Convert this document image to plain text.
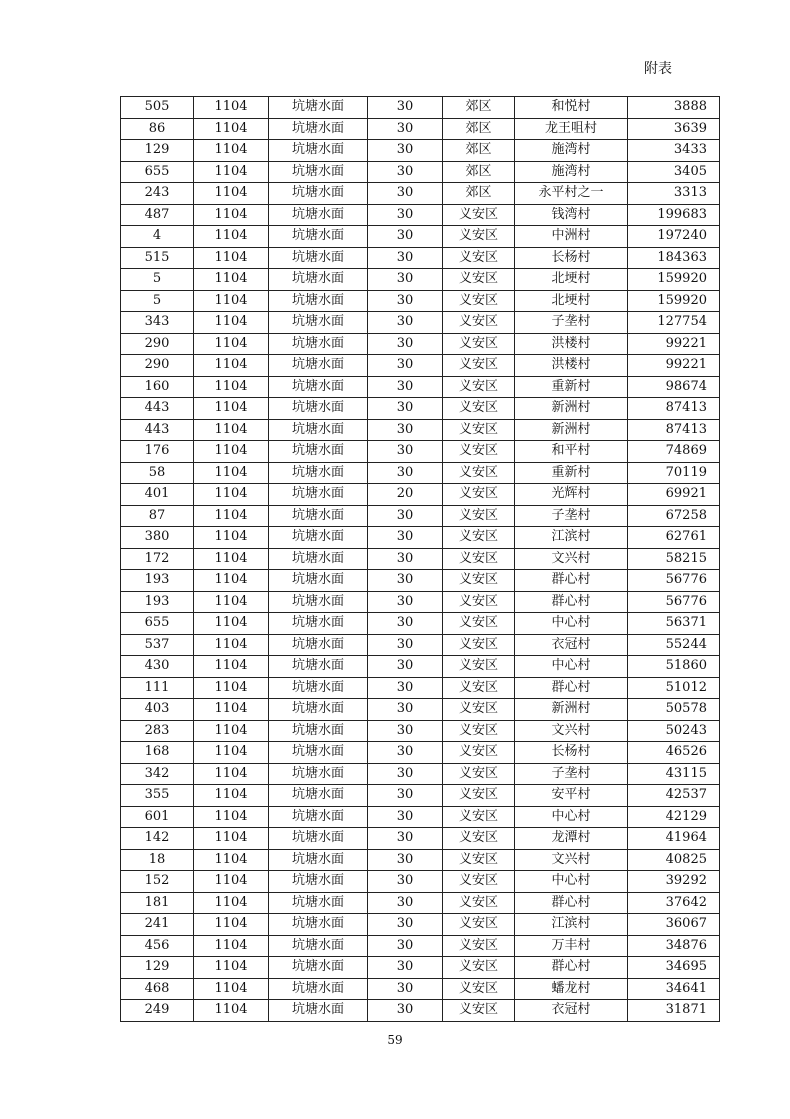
附表
505	1104	坑塘水面	30	郊区	和悦村	3888
86	1104	坑塘水面	30	郊区	龙王咀村	3639
129	1104	坑塘水面	30	郊区	施湾村	3433
655	1104	坑塘水面	30	郊区	施湾村	3405
243	1104	坑塘水面	30	郊区	永平村之一	3313
487	1104	坑塘水面	30	义安区	钱湾村	199683
4	1104	坑塘水面	30	义安区	中洲村	197240
515	1104	坑塘水面	30	义安区	长杨村	184363
5	1104	坑塘水面	30	义安区	北埂村	159920
5	1104	坑塘水面	30	义安区	北埂村	159920
343	1104	坑塘水面	30	义安区	子垄村	127754
290	1104	坑塘水面	30	义安区	洪楼村	99221
290	1104	坑塘水面	30	义安区	洪楼村	99221
160	1104	坑塘水面	30	义安区	重新村	98674
443	1104	坑塘水面	30	义安区	新洲村	87413
443	1104	坑塘水面	30	义安区	新洲村	87413
176	1104	坑塘水面	30	义安区	和平村	74869
58	1104	坑塘水面	30	义安区	重新村	70119
401	1104	坑塘水面	20	义安区	光辉村	69921
87	1104	坑塘水面	30	义安区	子垄村	67258
380	1104	坑塘水面	30	义安区	江滨村	62761
172	1104	坑塘水面	30	义安区	文兴村	58215
193	1104	坑塘水面	30	义安区	群心村	56776
193	1104	坑塘水面	30	义安区	群心村	56776
655	1104	坑塘水面	30	义安区	中心村	56371
537	1104	坑塘水面	30	义安区	衣冠村	55244
430	1104	坑塘水面	30	义安区	中心村	51860
111	1104	坑塘水面	30	义安区	群心村	51012
403	1104	坑塘水面	30	义安区	新洲村	50578
283	1104	坑塘水面	30	义安区	文兴村	50243
168	1104	坑塘水面	30	义安区	长杨村	46526
342	1104	坑塘水面	30	义安区	子垄村	43115
355	1104	坑塘水面	30	义安区	安平村	42537
601	1104	坑塘水面	30	义安区	中心村	42129
142	1104	坑塘水面	30	义安区	龙潭村	41964
18	1104	坑塘水面	30	义安区	文兴村	40825
152	1104	坑塘水面	30	义安区	中心村	39292
181	1104	坑塘水面	30	义安区	群心村	37642
241	1104	坑塘水面	30	义安区	江滨村	36067
456	1104	坑塘水面	30	义安区	万丰村	34876
129	1104	坑塘水面	30	义安区	群心村	34695
468	1104	坑塘水面	30	义安区	蟠龙村	34641
249	1104	坑塘水面	30	义安区	衣冠村	31871
59
